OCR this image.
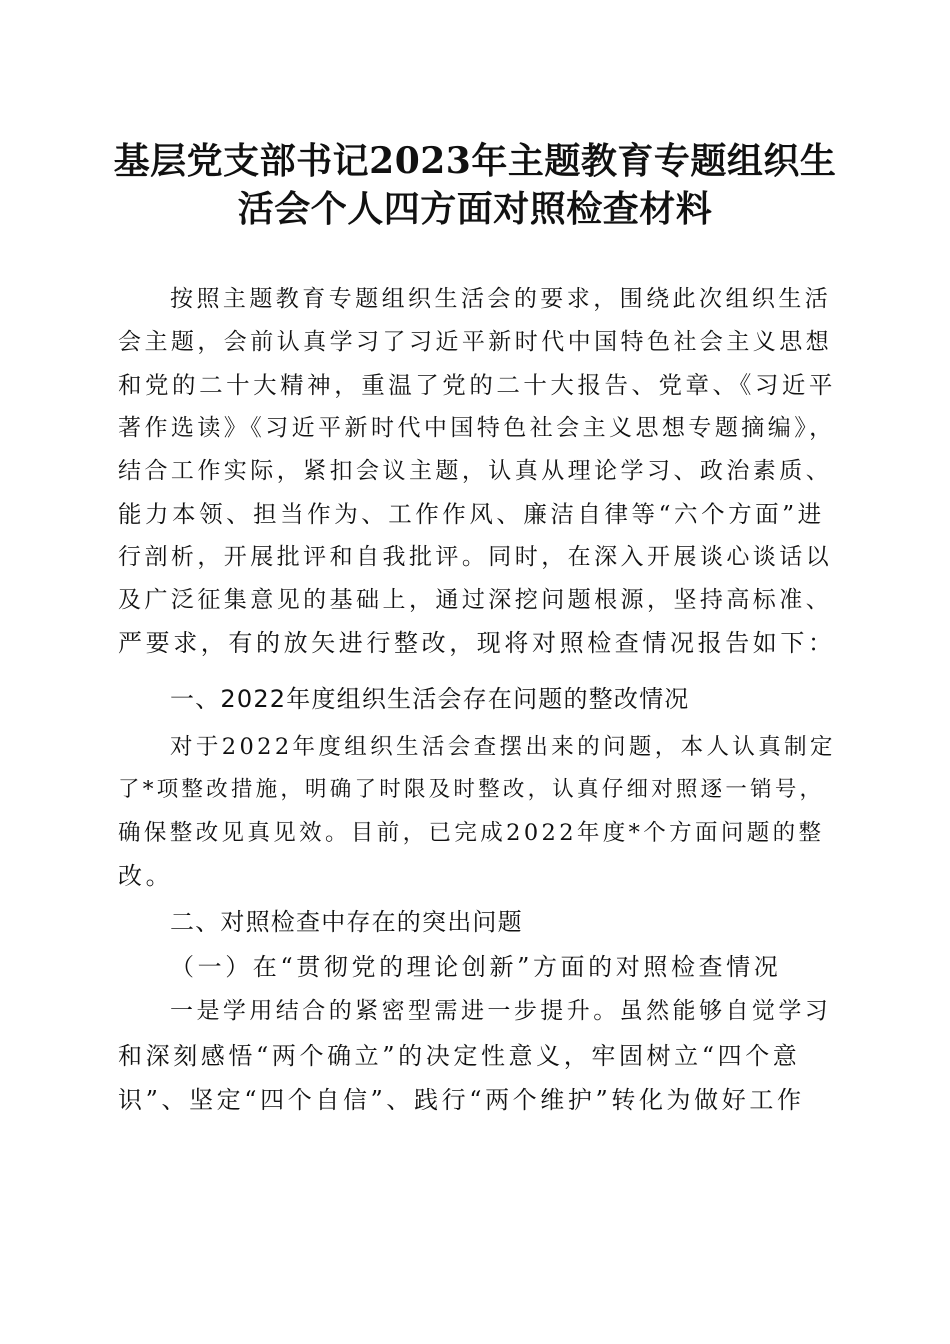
基层党支部书记2023年主题教育专题组织生
活会个人四方面对照检查材料
按照主题教育专题组织生活会的要求，围绕此次组织生活
会主题，会前认真学习了习近平新时代中国特色社会主义思想
和党的二十大精神，重温了党的二十大报告、党章、《习近平
著作选读》《习近平新时代中国特色社会主义思想专题摘编》，
结合工作实际，紧扣会议主题，认真从理论学习、政治素质、
能力本领、担当作为、工作作风、廉洁自律等“六个方面”进
行剖析，开展批评和自我批评。同时，在深入开展谈心谈话以
及广泛征集意见的基础上，通过深挖问题根源，坚持高标准、
严要求，有的放矢进行整改，现将对照检查情况报告如下：
一、2022年度组织生活会存在问题的整改情况
对于2022年度组织生活会查摆出来的问题，本人认真制定
了*项整改措施，明确了时限及时整改，认真仔细对照逐一销号，
确保整改见真见效。目前，已完成2022年度*个方面问题的整
改。
二、对照检查中存在的突出问题
（一）在“贯彻党的理论创新”方面的对照检查情况
一是学用结合的紧密型需进一步提升。虽然能够自觉学习
和深刻感悟“两个确立”的决定性意义，牢固树立“四个意
识”、坚定“四个自信”、践行“两个维护”转化为做好工作
